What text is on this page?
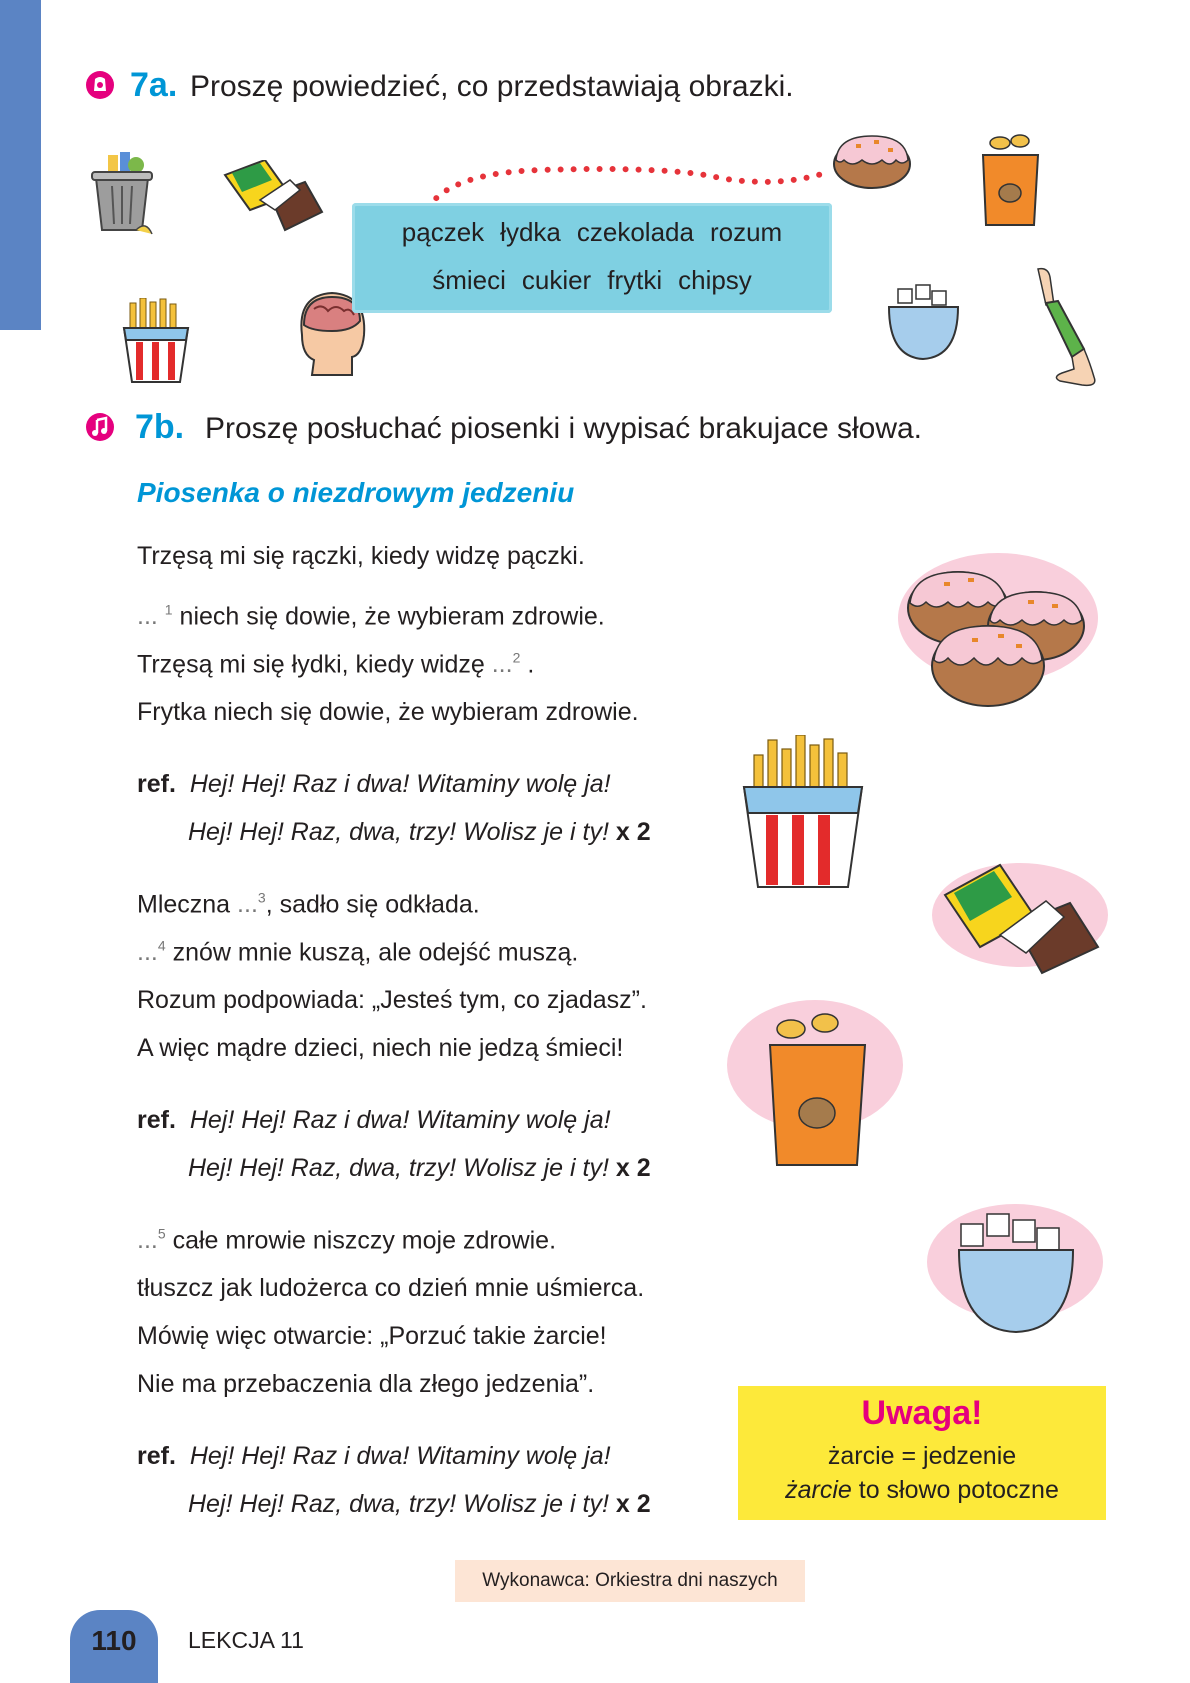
7a. Proszę powiedzieć, co przedstawiają obrazki.
pączek łydka czekolada rozum
śmieci cukier frytki chipsy
7b. Proszę posłuchać piosenki i wypisać brakujace słowa.
Piosenka o niezdrowym jedzeniu
Trzęsą mi się rączki, kiedy widzę pączki.
... $^1$ niech się dowie, że wybieram zdrowie.
Trzęsą mi się łydki, kiedy widzę ...$^2$ .
Frytka niech się dowie, że wybieram zdrowie.
ref. Hej! Hej! Raz i dwa! Witaminy wolę ja!
Hej! Hej! Raz, dwa, trzy! Wolisz je i ty! x 2
Mleczna ...$^3$, sadło się odkłada.
...$^4$ znów mnie kuszą, ale odejść muszą.
Rozum podpowiada: „Jesteś tym, co zjadasz”.
A więc mądre dzieci, niech nie jedzą śmieci!
ref. Hej! Hej! Raz i dwa! Witaminy wolę ja!
Hej! Hej! Raz, dwa, trzy! Wolisz je i ty! x 2
...$^5$ całe mrowie niszczy moje zdrowie.
tłuszcz jak ludożerca co dzień mnie uśmierca.
Mówię więc otwarcie: „Porzuć takie żarcie!
Nie ma przebaczenia dla złego jedzenia”.
ref. Hej! Hej! Raz i dwa! Witaminy wolę ja!
Hej! Hej! Raz, dwa, trzy! Wolisz je i ty! x 2
Uwaga!
żarcie = jedzenie
żarcie to słowo potoczne
Wykonawca: Orkiestra dni naszych
110	LEKCJA 11
